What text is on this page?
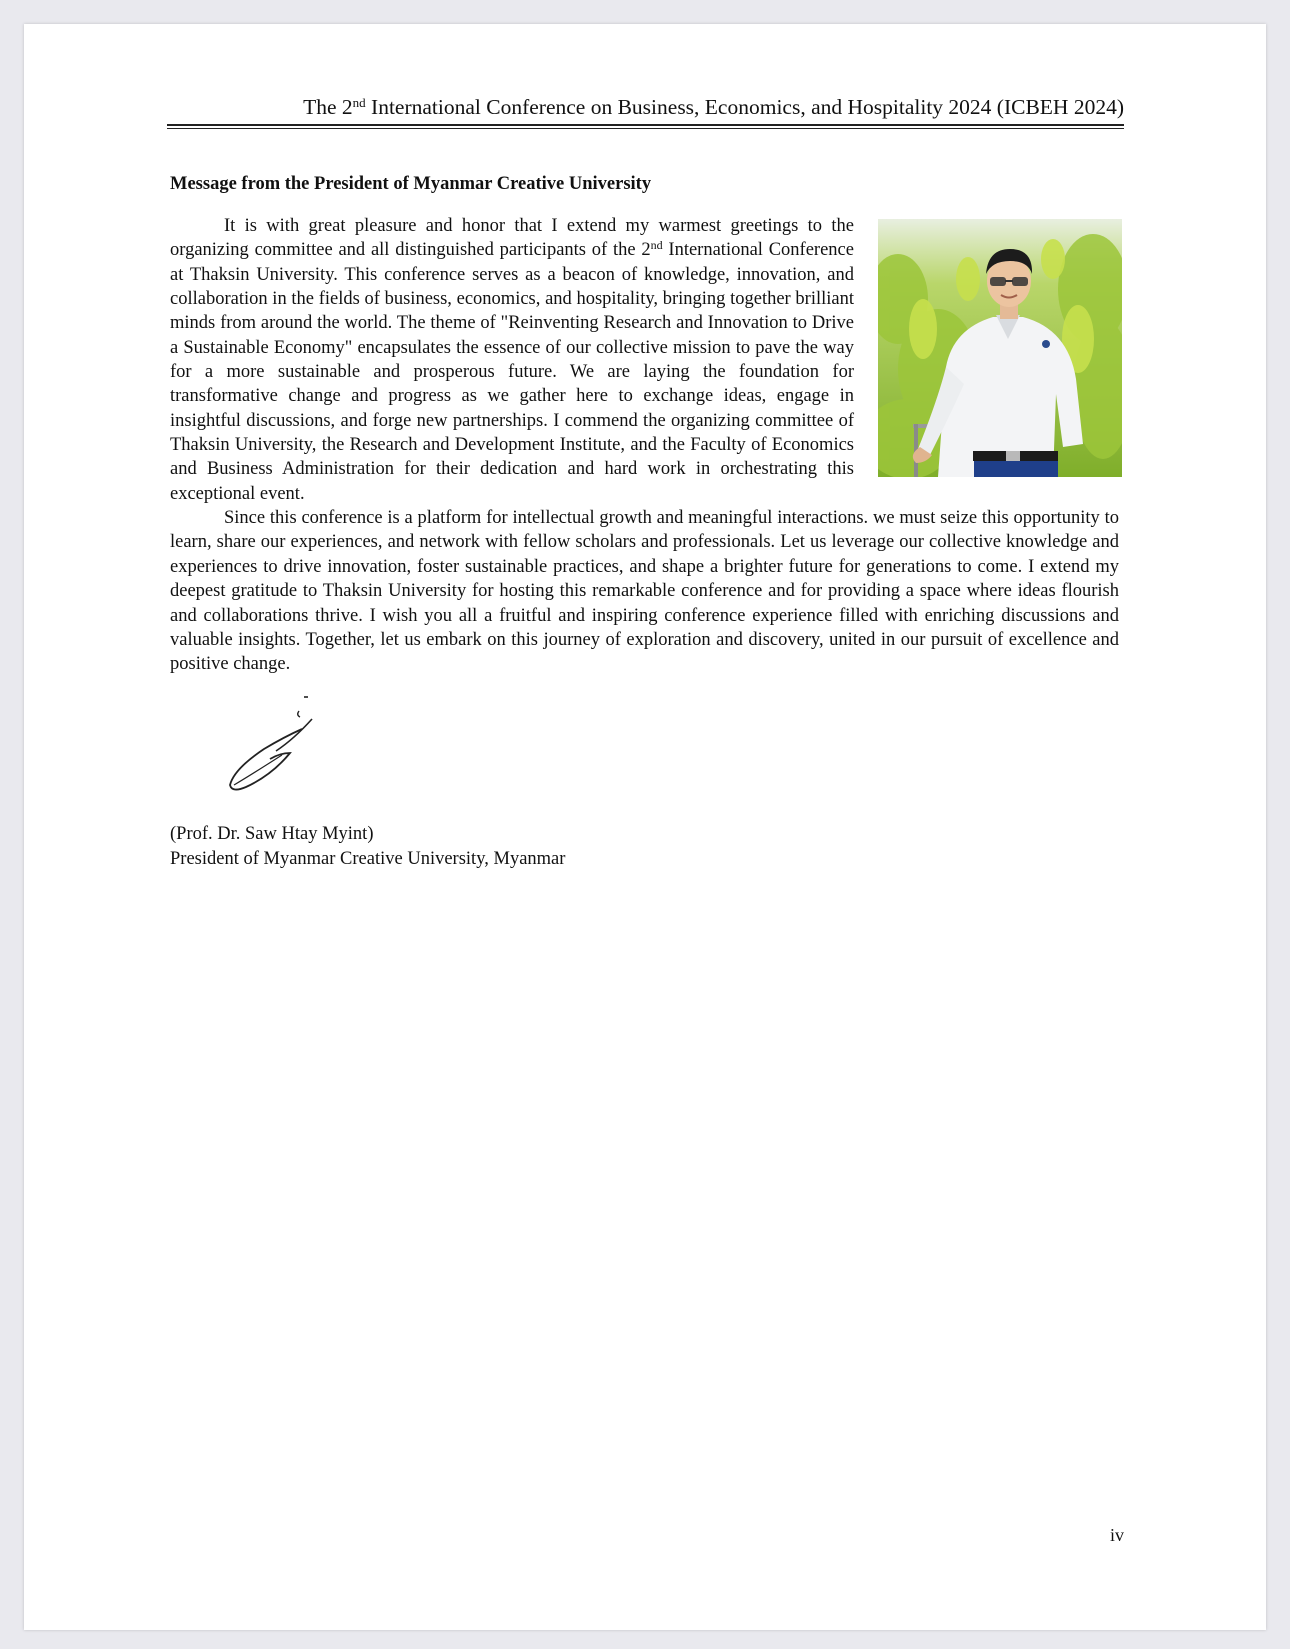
The 2nd International Conference on Business, Economics, and Hospitality 2024 (ICBEH 2024)
Message from the President of Myanmar Creative University

It is with great pleasure and honor that I extend my warmest greetings to the organizing committee and all distinguished participants of the 2nd International Conference at Thaksin University. This conference serves as a beacon of knowledge, innovation, and collaboration in the fields of business, economics, and hospitality, bringing together brilliant minds from around the world. The theme of "Reinventing Research and Innovation to Drive a Sustainable Economy" encapsulates the essence of our collective mission to pave the way for a more sustainable and prosperous future. We are laying the foundation for transformative change and progress as we gather here to exchange ideas, engage in insightful discussions, and forge new partnerships. I commend the organizing committee of Thaksin University, the Research and Development Institute, and the Faculty of Economics and Business Administration for their dedication and hard work in orchestrating this exceptional event.

Since this conference is a platform for intellectual growth and meaningful interactions. we must seize this opportunity to learn, share our experiences, and network with fellow scholars and professionals. Let us leverage our collective knowledge and experiences to drive innovation, foster sustainable practices, and shape a brighter future for generations to come. I extend my deepest gratitude to Thaksin University for hosting this remarkable conference and for providing a space where ideas flourish and collaborations thrive. I wish you all a fruitful and inspiring conference experience filled with enriching discussions and valuable insights. Together, let us embark on this journey of exploration and discovery, united in our pursuit of excellence and positive change.

(Prof. Dr. Saw Htay Myint)
President of Myanmar Creative University, Myanmar
iv
